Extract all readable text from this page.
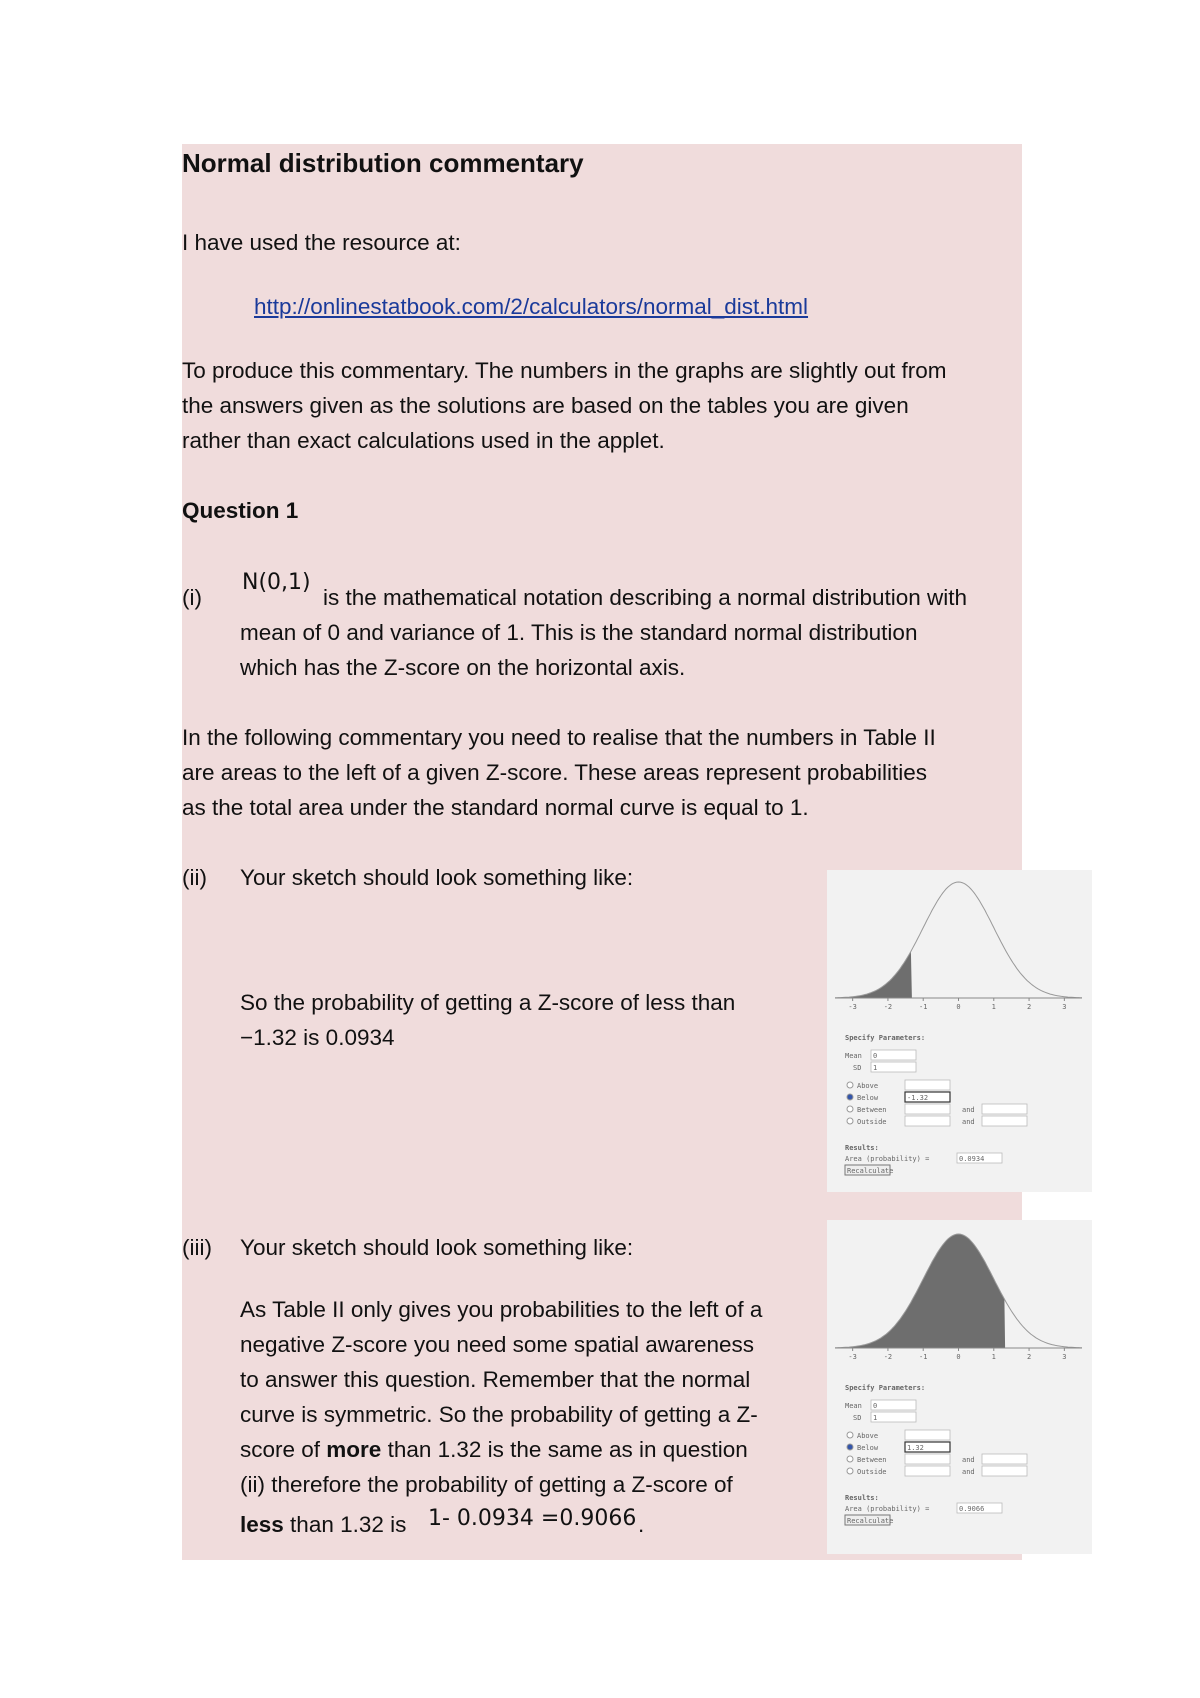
Normal distribution commentary
I have used the resource at:
http://onlinestatbook.com/2/calculators/normal_dist.html
To produce this commentary. The numbers in the graphs are slightly out from
the answers given as the solutions are based on the tables you are given
rather than exact calculations used in the applet.
Question 1
(i)
N(0,1)
is the mathematical notation describing a normal distribution with
mean of 0 and variance of 1. This is the standard normal distribution
which has the Z-score on the horizontal axis.
In the following commentary you need to realise that the numbers in Table II
are areas to the left of a given Z-score. These areas represent probabilities
as the total area under the standard normal curve is equal to 1.
(ii) Your sketch should look something like:
So the probability of getting a Z-score of less than
−1.32 is 0.0934
(iii) Your sketch should look something like:
As Table II only gives you probabilities to the left of a
negative Z-score you need some spatial awareness
to answer this question. Remember that the normal
curve is symmetric. So the probability of getting a Z-
score of more than 1.32 is the same as in question
(ii) therefore the probability of getting a Z-score of
less than 1.32 is 1- 0.0934 =0.9066 .
-3	-2	-1	0	1	2	3
Specify Parameters:
Mean 0
SD 1
Above
Below	-1.32
Between	and
Outside	and
Results:
Area (probability) =	0.0934
Recalculate
-3	-2	-1	0	1	2	3
Specify Parameters:
Mean 0
SD 1
Above
Below	1.32
Between	and
Outside	and
Results:
Area (probability) =	0.9066
Recalculate
